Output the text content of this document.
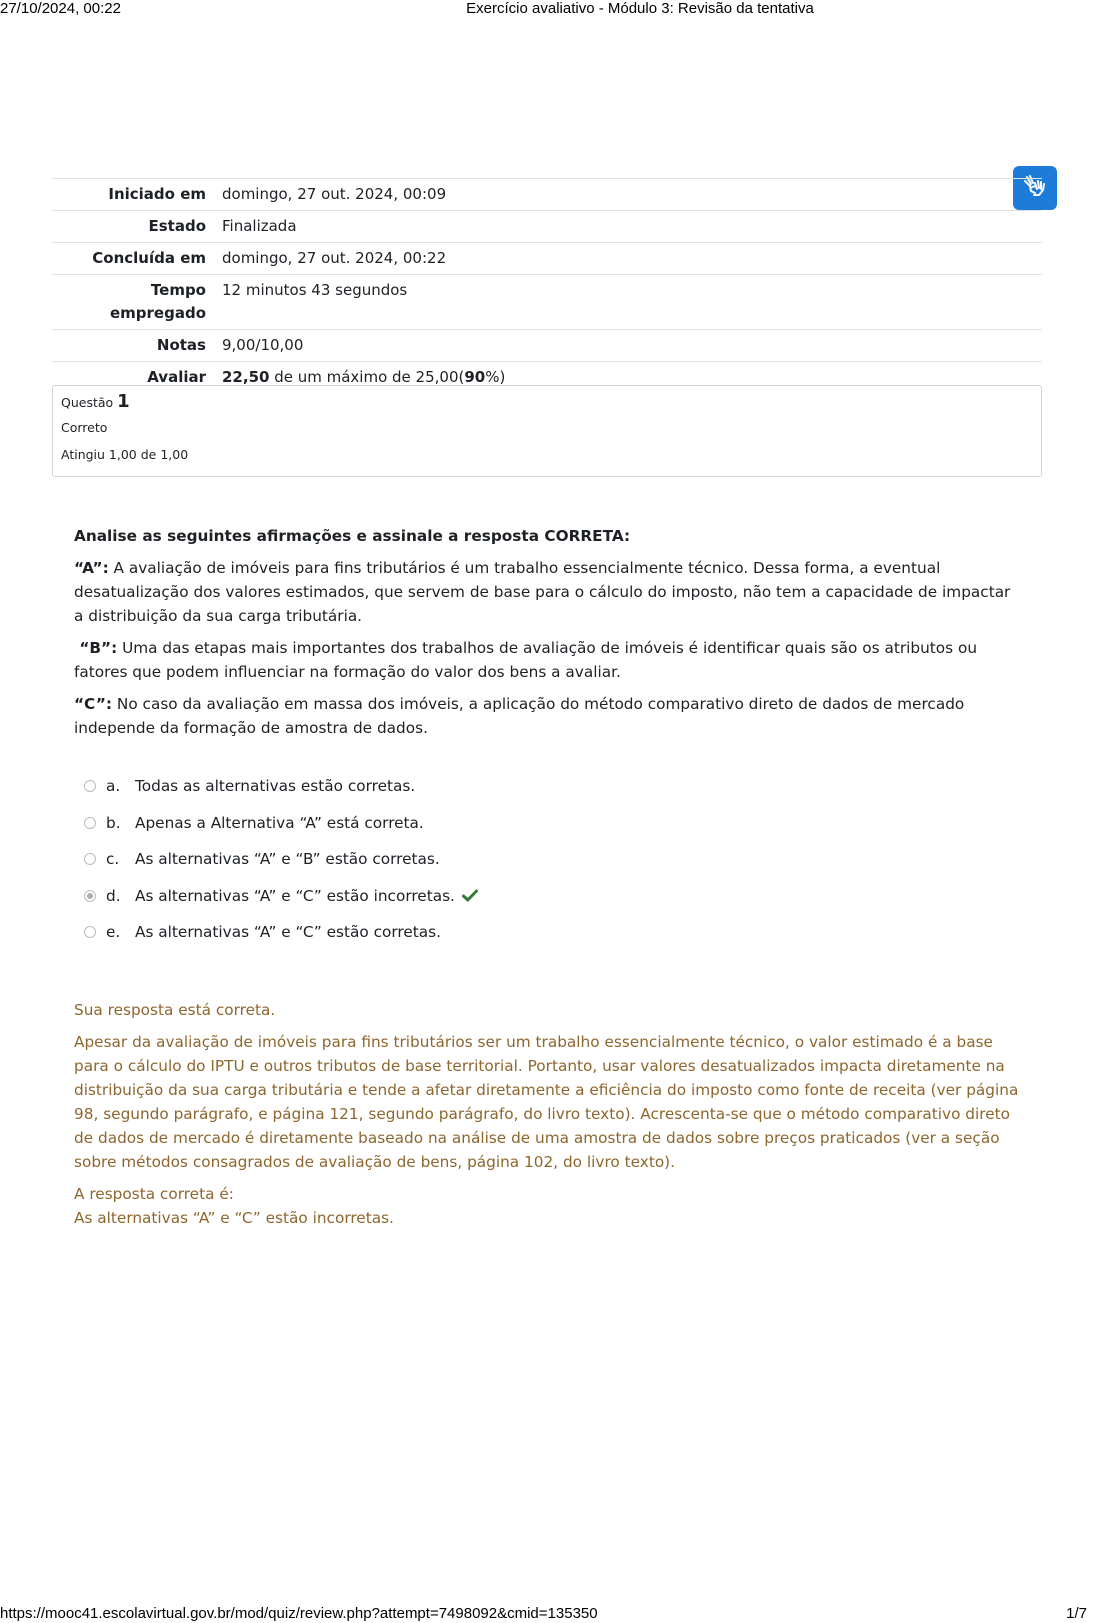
27/10/2024, 00:22	Exercício avaliativo - Módulo 3: Revisão da tentativa
Iniciado em	domingo, 27 out. 2024, 00:09
Estado	Finalizada
Concluída em	domingo, 27 out. 2024, 00:22
Tempo empregado	12 minutos 43 segundos
Notas	9,00/10,00
Avaliar	22,50 de um máximo de 25,00(90%)
Questão 1
Correto
Atingiu 1,00 de 1,00

Analise as seguintes afirmações e assinale a resposta CORRETA:

“A”: A avaliação de imóveis para fins tributários é um trabalho essencialmente técnico. Dessa forma, a eventual desatualização dos valores estimados, que servem de base para o cálculo do imposto, não tem a capacidade de impactar a distribuição da sua carga tributária.

“B”: Uma das etapas mais importantes dos trabalhos de avaliação de imóveis é identificar quais são os atributos ou fatores que podem influenciar na formação do valor dos bens a avaliar.

“C”: No caso da avaliação em massa dos imóveis, a aplicação do método comparativo direto de dados de mercado independe da formação de amostra de dados.

a. Todas as alternativas estão corretas.
b. Apenas a Alternativa “A” está correta.
c.	As alternativas “A” e “B” estão corretas.
d. As alternativas “A” e “C” estão incorretas.
e. As alternativas “A” e “C” estão corretas.

Sua resposta está correta.

Apesar da avaliação de imóveis para fins tributários ser um trabalho essencialmente técnico, o valor estimado é a base para o cálculo do IPTU e outros tributos de base territorial. Portanto, usar valores desatualizados impacta diretamente na distribuição da sua carga tributária e tende a afetar diretamente a eficiência do imposto como fonte de receita (ver página 98, segundo parágrafo, e página 121, segundo parágrafo, do livro texto). Acrescenta-se que o método comparativo direto de dados de mercado é diretamente baseado na análise de uma amostra de dados sobre preços praticados (ver a seção sobre métodos consagrados de avaliação de bens, página 102, do livro texto).

A resposta correta é:
As alternativas “A” e “C” estão incorretas.
https://mooc41.escolavirtual.gov.br/mod/quiz/review.php?attempt=7498092&cmid=135350	1/7
